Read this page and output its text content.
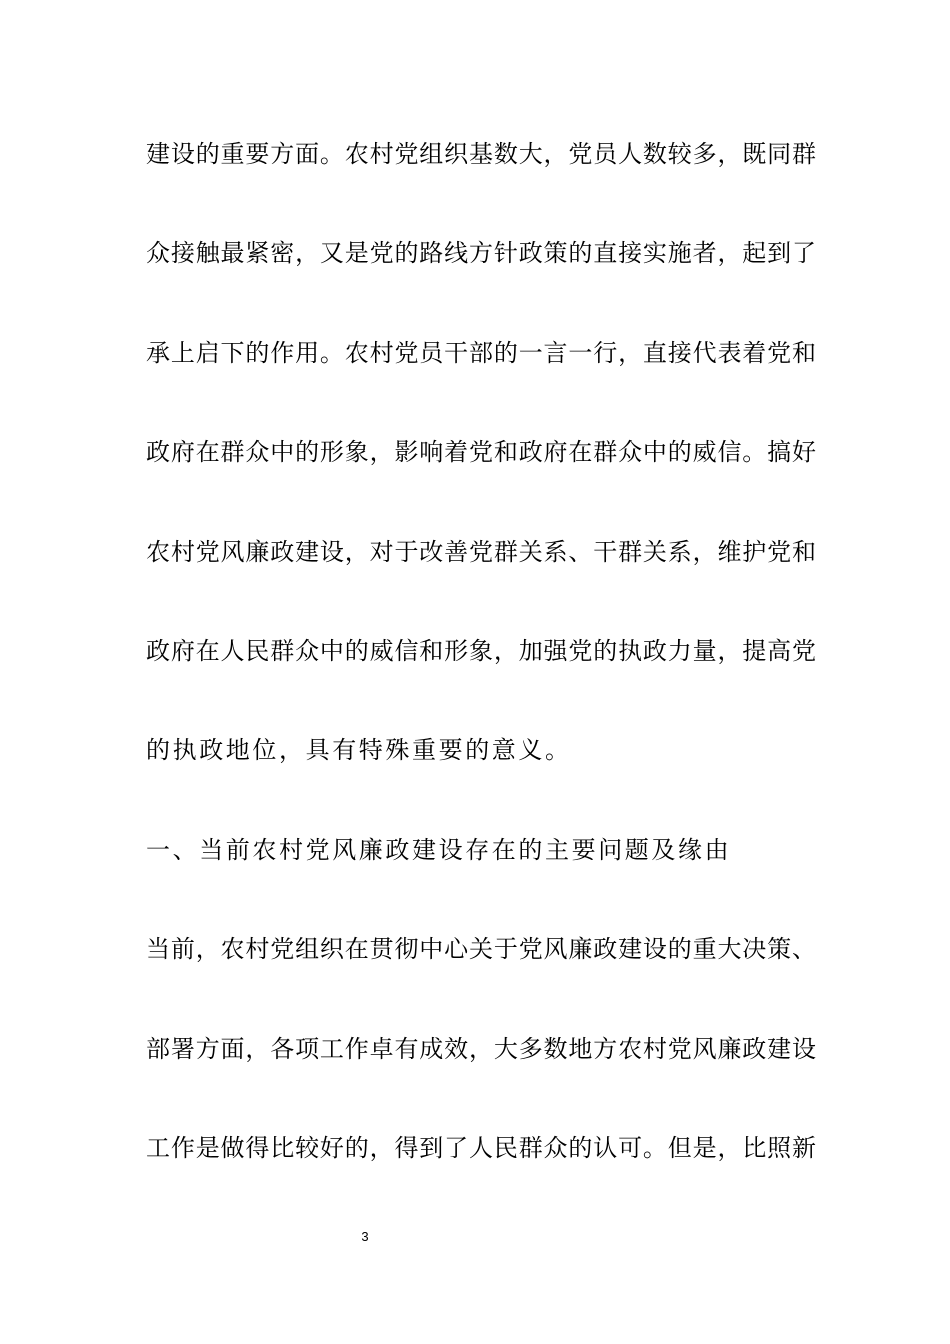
建设的重要方面。农村党组织基数大，党员人数较多，既同群
众接触最紧密，又是党的路线方针政策的直接实施者，起到了
承上启下的作用。农村党员干部的一言一行，直接代表着党和
政府在群众中的形象，影响着党和政府在群众中的威信。搞好
农村党风廉政建设，对于改善党群关系、干群关系，维护党和
政府在人民群众中的威信和形象，加强党的执政力量，提高党
的执政地位，具有特殊重要的意义。
一、当前农村党风廉政建设存在的主要问题及缘由
当前，农村党组织在贯彻中心关于党风廉政建设的重大决策、
部署方面，各项工作卓有成效，大多数地方农村党风廉政建设
工作是做得比较好的，得到了人民群众的认可。但是，比照新
3
